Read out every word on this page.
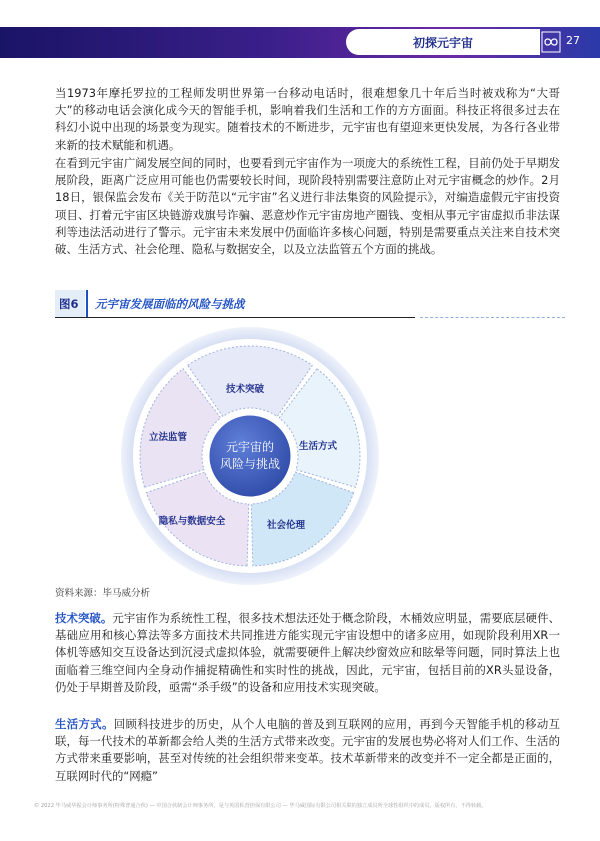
初探元宇宙	27

当1973年摩托罗拉的工程师发明世界第一台移动电话时，很难想象几十年后当时被戏称为“大哥大”的移动电话会演化成今天的智能手机，影响着我们生活和工作的方方面面。科技正将很多过去在科幻小说中出现的场景变为现实。随着技术的不断进步，元宇宙也有望迎来更快发展，为各行各业带来新的技术赋能和机遇。

在看到元宇宙广阔发展空间的同时，也要看到元宇宙作为一项庞大的系统性工程，目前仍处于早期发展阶段，距离广泛应用可能也仍需要较长时间，现阶段特别需要注意防止对元宇宙概念的炒作。2月18日，银保监会发布《关于防范以“元宇宙”名义进行非法集资的风险提示》，对编造虚假元宇宙投资项目、打着元宇宙区块链游戏旗号诈骗、恶意炒作元宇宙房地产圈钱、变相从事元宇宙虚拟币非法谋利等违法活动进行了警示。元宇宙未来发展中仍面临许多核心问题，特别是需要重点关注来自技术突破、生活方式、社会伦理、隐私与数据安全，以及立法监管五个方面的挑战。

图6 元宇宙发展面临的风险与挑战
元宇宙的
风险与挑战
技术突破
生活方式
社会伦理
隐私与数据安全
立法监管
资料来源：毕马威分析

技术突破。元宇宙作为系统性工程，很多技术想法还处于概念阶段，木桶效应明显，需要底层硬件、基础应用和核心算法等多方面技术共同推进方能实现元宇宙设想中的诸多应用，如现阶段利用XR一体机等感知交互设备达到沉浸式虚拟体验，就需要硬件上解决纱窗效应和眩晕等问题，同时算法上也面临着三维空间内全身动作捕捉精确性和实时性的挑战，因此，元宇宙，包括目前的XR头显设备，仍处于早期普及阶段，亟需“杀手级”的设备和应用技术实现突破。

生活方式。回顾科技进步的历史，从个人电脑的普及到互联网的应用，再到今天智能手机的移动互联，每一代技术的革新都会给人类的生活方式带来改变。元宇宙的发展也势必将对人们工作、生活的方式带来重要影响，甚至对传统的社会组织带来变革。技术革新带来的改变并不一定全都是正面的，互联网时代的“网瘾”

© 2022 毕马威华振会计师事务所(特殊普通合伙) — 中国合伙制会计师事务所，是与英国私营担保有限公司 — 毕马威国际有限公司相关联的独立成员所全球性组织中的成员。版权所有，不得转载。
